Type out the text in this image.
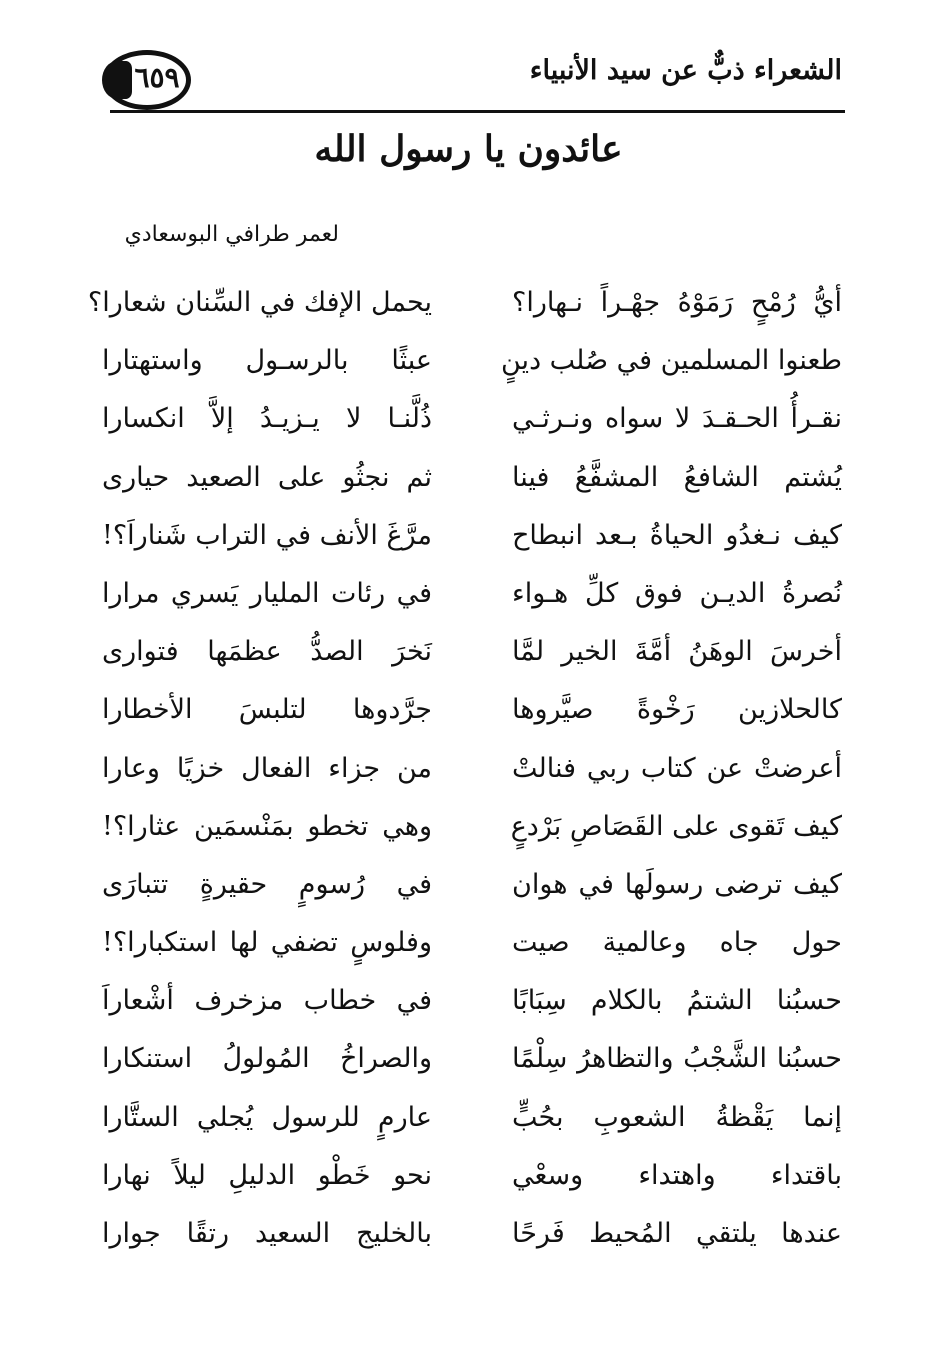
الشعراء ذبٌّ عن سيد الأنبياء
٦٥٩
عائدون يا رسول الله
لعمر طرافي البوسعادي
أيُّ رُمْحٍ رَمَوْهُ جهْـراً نـهارا؟
يحمل الإفك في السِّنان شعارا؟
طعنوا المسلمين في صُلب دينٍ
عبثًا بالرسـول واستهتارا
نقـرأُ الحـقـدَ لا سواه ونـرثـي
ذُلَّنـا لا يـزيـدُ إلاَّ انكسارا
يُشتم الشافعُ المشفَّعُ فينا
ثم نجثُو على الصعيد حيارى
كيف نـغدُو الحياةُ بـعد انبطاح
مرَّغَ الأنف في التراب شَناراَ؟!
نُصرةُ الديـن فوق كلِّ هـواء
في رئات المليار يَسري مرارا
أخرسَ الوهَنُ أمَّةَ الخير لمَّا
نَخرَ الصدُّ عظمَها فتوارى
كالحلازين رَخْوةً صيَّروها
جرَّدوها لتلبسَ الأخطارا
أعرضتْ عن كتاب ربي فنالتْ
من جزاء الفعال خزيًا وعارا
كيف تَقوى على القَصَاصِ بَرْدعٍ
وهي تخطو بمَنْسمَين عثارا؟!
كيف ترضى رسولَها في هوان
في رُسومٍ حقيرةٍ تتبارَى
حول جاه وعالمية صيت
وفلوسٍ تضفي لها استكبارا؟!
حسبُنا الشتمُ بالكلام سِبَابًا
في خطاب مزخرف أشْعاراَ
حسبُنا الشَّجْبُ والتظاهرُ سِلْمًا
والصراخُ المُولولُ استنكارا
إنما يَقْظةُ الشعوبِ بحُبٍّ
عارمٍ للرسول يُجلي الستَّارا
باقتداء واهتداء وسعْي
نحو خَطْو الدليلِ ليلاً نهارا
عندها يلتقي المُحيط فَرحًا
بالخليج السعيد رتقًا جوارا
